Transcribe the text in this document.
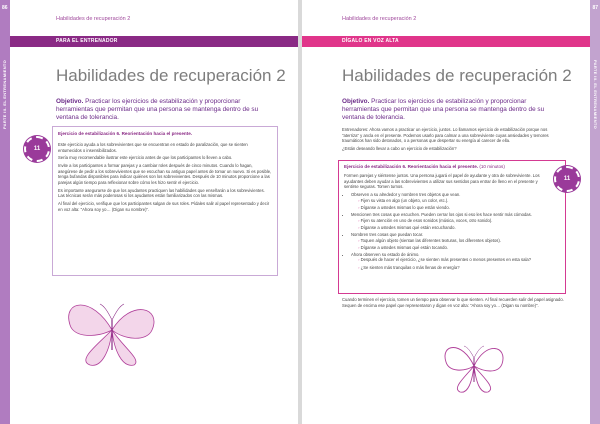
86
PARTE III. EL ENTRENAMIENTO
Habilidades de recuperación 2
PARA EL ENTRENADOR
Habilidades de recuperación 2
Objetivo. Practicar los ejercicios de estabilización y proporcionar herramientas que permitan que una persona se mantenga dentro de su ventana de tolerancia.
11
Ejercicio de estabilización 6. Reorientación hacia el presente.

Este ejercicio ayuda a los sobrevivientes que se encuentran en estado de paralización, que se sienten entumecidos o insensibilizados.

Sería muy recomendable ilustrar este ejercicio antes de que los participantes lo lleven a cabo.

Invite a los participantes a formar parejas y a cambiar roles después de cinco minutos. Cuando lo hagan, asegúrese de pedir a los sobrevivientes que se escuchan su antiguo papel antes de tomar un nuevo. Si es posible, tenga bufandas disponibles para indicar quiénes son los sobrevivientes. Después de 10 minutos proporcione a las parejas algún tiempo para reflexionar sobre cómo les hizo sentir el ejercicio.

Es importante asegurarse de que los ayudantes practiquen las habilidades que enseñarán a los sobrevivientes. Las técnicas serán más poderosas si los ayudantes están familiarizados con las mismas.

Al final del ejercicio, verifique que los participantes salgan de sus roles. Pídales salir al papel representado y decir en voz alta: "Ahora soy yo… (Digan su nombre)".

87
PARTE III. EL ENTRENAMIENTO
Habilidades de recuperación 2
DÍGALO EN VOZ ALTA
Habilidades de recuperación 2
Objetivo. Practicar los ejercicios de estabilización y proporcionar herramientas que permitan que una persona se mantenga dentro de su ventana de tolerancia.

Entrenadores: Ahora vamos a practicar un ejercicio, juntos. Lo llamamos ejercicio de estabilización porque nos "aterriza" y ancla en el presente. Podemos usarlo para calmar a una sobreviviente cuyas ansiedades y temores traumáticos han sido detonados, o a personas que despertar su energía al carecer de ella.

¿Están deseando llevar a cabo un ejercicio de estabilización?

11
Ejercicio de estabilización 6. Reorientación hacia el presente. (10 minutos)

Formen parejas y siéntense juntos. Una persona jugará el papel de ayudante y otra de sobreviviente. Los ayudantes deben ayudar a las sobrevivientes a utilizar sus sentidos para entrar de lleno en el presente y sentirse seguras. Tomen turnos.

• Observen a su alrededor y nombren tres objetos que vean.
◦ Fijen su vista en algo (un objeto, un color, etc.).
◦ Díganse a ustedes mismas lo que están viendo.
• Mencionen tres cosas que escuchen. Pueden cerrar los ojos si eso les hace sentir más cómodas.
◦ Fijen su atención en uno de esos sonidos (música, voces, otro sonido).
◦ Díganse a ustedes mismas qué están escuchando.
• Nombren tres cosas que puedan tocar.
◦ Toquen algún objeto (sientan las diferentes texturas, los diferentes objetos).
◦ Díganse a ustedes mismas qué están tocando.
• Ahora observen su estado de ánimo.
◦ Después de hacer el ejercicio, ¿se sienten más presentes o menos presentes en esta sala?
◦ ¿Se sienten más tranquilas o más llenas de energía?

Cuando terminen el ejercicio, tomen un tiempo para observar lo que sienten. Al final recuerden salir del papel asignado. Sequen de encima ese papel que representaron y digan en voz alta: "Ahora soy yo… (Digan su nombre)".
